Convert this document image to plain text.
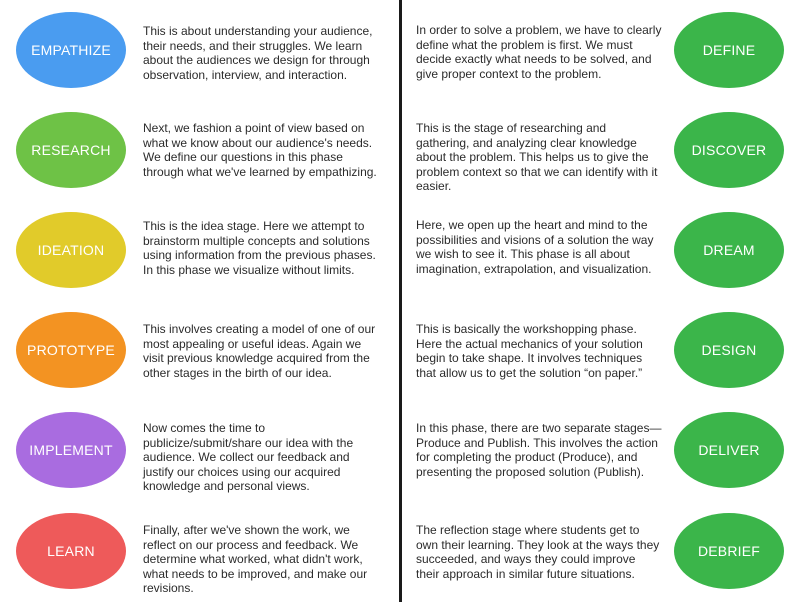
EMPATHIZE

This is about understanding your audience, their needs, and their struggles. We learn about the audiences we design for through observation, interview, and interaction.

RESEARCH

Next, we fashion a point of view based on what we know about our audience's needs. We define our questions in this phase through what we've learned by empathizing.

IDEATION

This is the idea stage. Here we attempt to brainstorm multiple concepts and solutions using information from the previous phases. In this phase we visualize without limits.

PROTOTYPE

This involves creating a model of one of our most appealing or useful ideas. Again we visit previous knowledge acquired from the other stages in the birth of our idea.

IMPLEMENT

Now comes the time to publicize/submit/share our idea with the audience. We collect our feedback and justify our choices using our acquired knowledge and personal views.

LEARN

Finally, after we've shown the work, we reflect on our process and feedback. We determine what worked, what didn't work, what needs to be improved, and make our revisions.

DEFINE

In order to solve a problem, we have to clearly define what the problem is first. We must decide exactly what needs to be solved, and give proper context to the problem.

DISCOVER

This is the stage of researching and gathering, and analyzing clear knowledge about the problem. This helps us to give the problem context so that we can identify with it easier.

DREAM

Here, we open up the heart and mind to the possibilities and visions of a solution the way we wish to see it. This phase is all about imagination, extrapolation, and visualization.

DESIGN

This is basically the workshopping phase. Here the actual mechanics of your solution begin to take shape. It involves techniques that allow us to get the solution “on paper.”

DELIVER

In this phase, there are two separate stages—Produce and Publish. This involves the action for completing the product (Produce), and presenting the proposed solution (Publish).

DEBRIEF

The reflection stage where students get to own their learning. They look at the ways they succeeded, and ways they could improve their approach in similar future situations.
